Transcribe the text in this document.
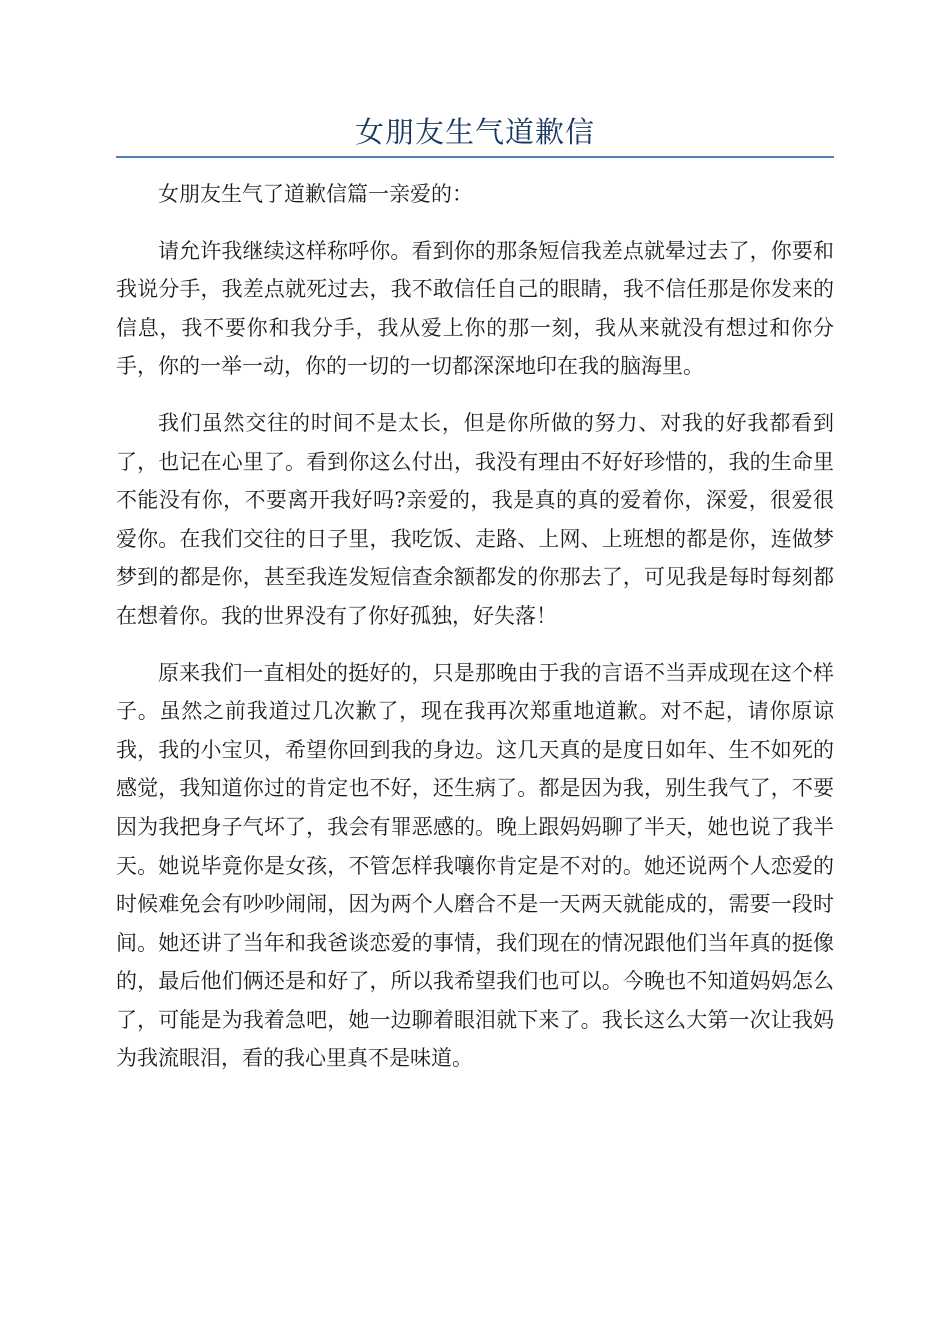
女朋友生气道歉信

女朋友生气了道歉信篇一亲爱的：

请允许我继续这样称呼你。看到你的那条短信我差点就晕过去了，你要和我说分手，我差点就死过去，我不敢信任自己的眼睛，我不信任那是你发来的信息，我不要你和我分手，我从爱上你的那一刻，我从来就没有想过和你分手，你的一举一动，你的一切的一切都深深地印在我的脑海里。

我们虽然交往的时间不是太长，但是你所做的努力、对我的好我都看到了，也记在心里了。看到你这么付出，我没有理由不好好珍惜的，我的生命里不能没有你，不要离开我好吗?亲爱的，我是真的真的爱着你，深爱，很爱很爱你。在我们交往的日子里，我吃饭、走路、上网、上班想的都是你，连做梦梦到的都是你，甚至我连发短信查余额都发的你那去了，可见我是每时每刻都在想着你。我的世界没有了你好孤独，好失落！

原来我们一直相处的挺好的，只是那晚由于我的言语不当弄成现在这个样子。虽然之前我道过几次歉了，现在我再次郑重地道歉。对不起，请你原谅我，我的小宝贝，希望你回到我的身边。这几天真的是度日如年、生不如死的感觉，我知道你过的肯定也不好，还生病了。都是因为我，别生我气了，不要因为我把身子气坏了，我会有罪恶感的。晚上跟妈妈聊了半天，她也说了我半天。她说毕竟你是女孩，不管怎样我嚷你肯定是不对的。她还说两个人恋爱的时候难免会有吵吵闹闹，因为两个人磨合不是一天两天就能成的，需要一段时间。她还讲了当年和我爸谈恋爱的事情，我们现在的情况跟他们当年真的挺像的，最后他们俩还是和好了，所以我希望我们也可以。今晚也不知道妈妈怎么了，可能是为我着急吧，她一边聊着眼泪就下来了。我长这么大第一次让我妈为我流眼泪，看的我心里真不是味道。
